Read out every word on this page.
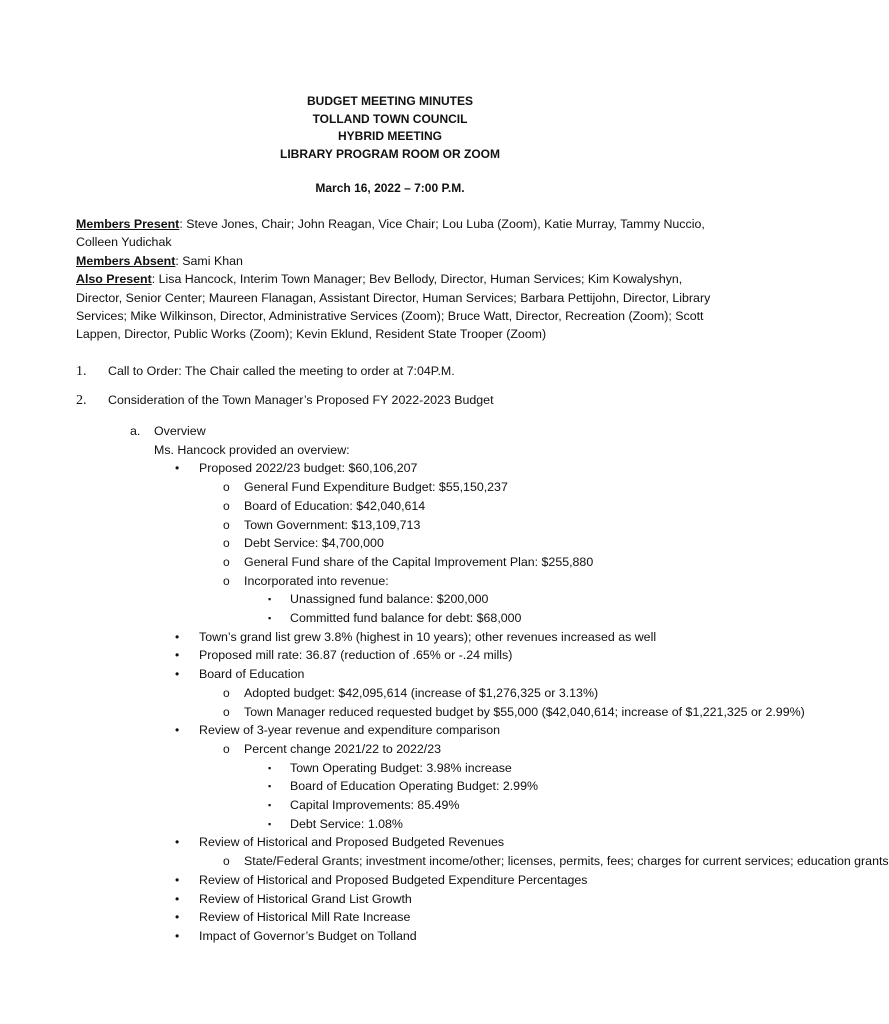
BUDGET MEETING MINUTES
TOLLAND TOWN COUNCIL
HYBRID MEETING
LIBRARY PROGRAM ROOM OR ZOOM
March 16, 2022 – 7:00 P.M.

Members Present: Steve Jones, Chair; John Reagan, Vice Chair; Lou Luba (Zoom), Katie Murray, Tammy Nuccio, Colleen Yudichak

Members Absent: Sami Khan

Also Present: Lisa Hancock, Interim Town Manager; Bev Bellody, Director, Human Services; Kim Kowalyshyn, Director, Senior Center; Maureen Flanagan, Assistant Director, Human Services; Barbara Pettijohn, Director, Library Services; Mike Wilkinson, Director, Administrative Services (Zoom); Bruce Watt, Director, Recreation (Zoom); Scott Lappen, Director, Public Works (Zoom); Kevin Eklund, Resident State Trooper (Zoom)

1. Call to Order: The Chair called the meeting to order at 7:04P.M.
2. Consideration of the Town Manager’s Proposed FY 2022-2023 Budget
a. Overview
Ms. Hancock provided an overview:
• Proposed 2022/23 budget: $60,106,207
o General Fund Expenditure Budget: $55,150,237
o Board of Education: $42,040,614
o Town Government: $13,109,713
o Debt Service: $4,700,000
o General Fund share of the Capital Improvement Plan: $255,880
o Incorporated into revenue:
▪ Unassigned fund balance: $200,000
▪ Committed fund balance for debt: $68,000
• Town’s grand list grew 3.8% (highest in 10 years); other revenues increased as well
• Proposed mill rate: 36.87 (reduction of .65% or -.24 mills)
• Board of Education
o Adopted budget: $42,095,614 (increase of $1,276,325 or 3.13%)
o Town Manager reduced requested budget by $55,000 ($42,040,614; increase of $1,221,325 or 2.99%)
• Review of 3-year revenue and expenditure comparison
o Percent change 2021/22 to 2022/23
▪ Town Operating Budget: 3.98% increase
▪ Board of Education Operating Budget: 2.99%
▪ Capital Improvements: 85.49%
▪ Debt Service: 1.08%
• Review of Historical and Proposed Budgeted Revenues
o State/Federal Grants; investment income/other; licenses, permits, fees; charges for current services; education grants
• Review of Historical and Proposed Budgeted Expenditure Percentages
• Review of Historical Grand List Growth
• Review of Historical Mill Rate Increase
• Impact of Governor’s Budget on Tolland
